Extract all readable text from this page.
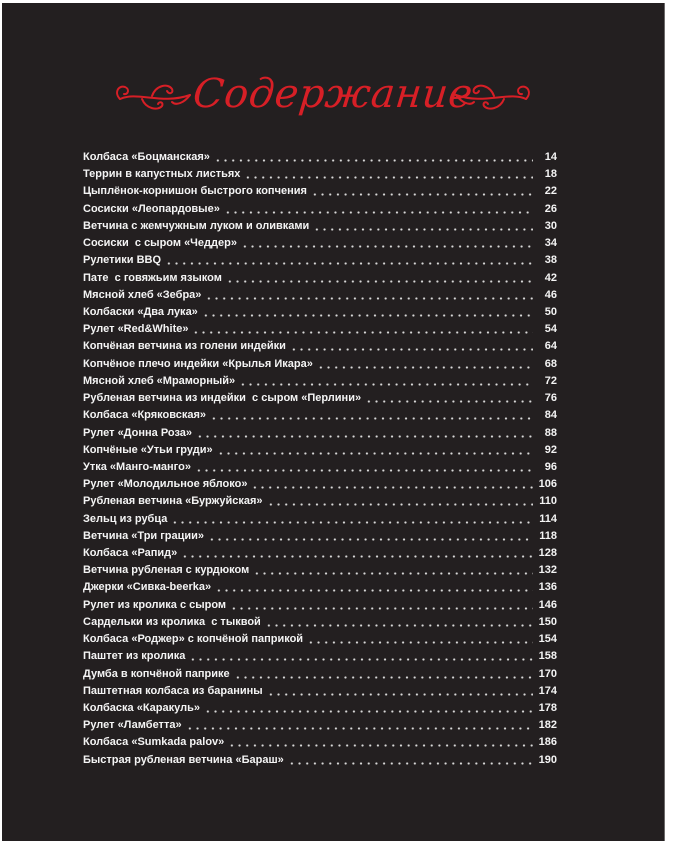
Содержание
Колбаса «Боцманская»	14
Террин в капустных листьях	18
Цыплёнок-корнишон быстрого копчения	22
Сосиски «Леопардовые»	26
Ветчина с жемчужным луком и оливками	30
Сосиски  с сыром «Чеддер»	34
Рулетики BBQ	38
Пате  с говяжьим языком	42
Мясной хлеб «Зебра»	46
Колбаски «Два лука»	50
Рулет «Red&White»	54
Копчёная ветчина из голени индейки	64
Копчёное плечо индейки «Крылья Икара»	68
Мясной хлеб «Мраморный»	72
Рубленая ветчина из индейки  с сыром «Перлини»	76
Колбаса «Кряковская»	84
Рулет «Донна Роза»	88
Копчёные «Утьи груди»	92
Утка «Манго-манго»	96
Рулет «Молодильное яблоко»	106
Рубленая ветчина «Буржуйская»	110
Зельц из рубца	114
Ветчина «Три грации»	118
Колбаса «Рапид»	128
Ветчина рубленая с курдюком	132
Джерки «Сивка-beerka»	136
Рулет из кролика с сыром	146
Сардельки из кролика  с тыквой	150
Колбаса «Роджер» с копчёной паприкой	154
Паштет из кролика	158
Думба в копчёной паприке	170
Паштетная колбаса из баранины	174
Колбаска «Каракуль»	178
Рулет «Ламбетта»	182
Колбаса «Sumkada palov»	186
Быстрая рубленая ветчина «Бараш»	190
